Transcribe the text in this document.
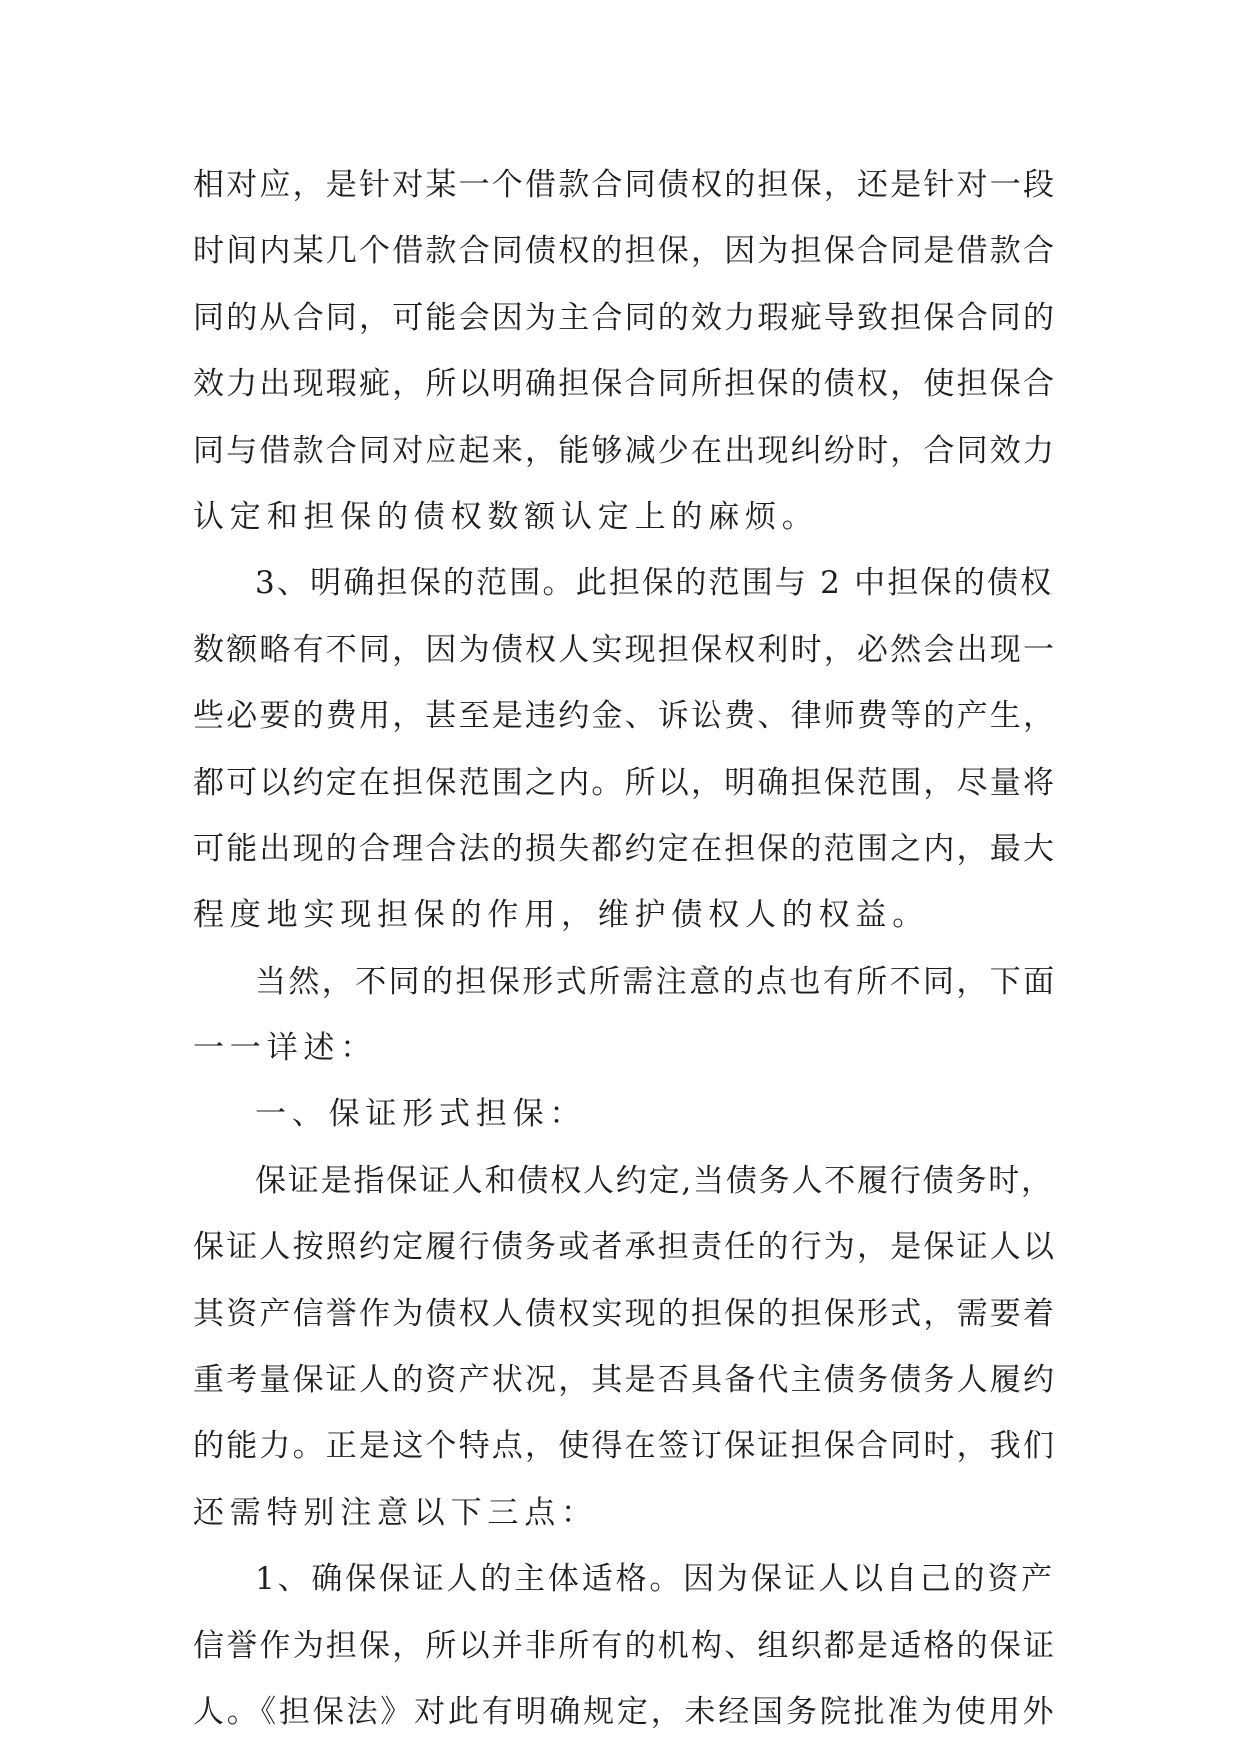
相对应，是针对某一个借款合同债权的担保，还是针对一段
时间内某几个借款合同债权的担保，因为担保合同是借款合
同的从合同，可能会因为主合同的效力瑕疵导致担保合同的
效力出现瑕疵，所以明确担保合同所担保的债权，使担保合
同与借款合同对应起来，能够减少在出现纠纷时，合同效力
认定和担保的债权数额认定上的麻烦。
3、明确担保的范围。此担保的范围与 2 中担保的债权
数额略有不同，因为债权人实现担保权利时，必然会出现一
些必要的费用，甚至是违约金、诉讼费、律师费等的产生，
都可以约定在担保范围之内。所以，明确担保范围，尽量将
可能出现的合理合法的损失都约定在担保的范围之内，最大
程度地实现担保的作用，维护债权人的权益。
当然，不同的担保形式所需注意的点也有所不同，下面
一一详述：
一、保证形式担保：
保证是指保证人和债权人约定,当债务人不履行债务时，
保证人按照约定履行债务或者承担责任的行为，是保证人以
其资产信誉作为债权人债权实现的担保的担保形式，需要着
重考量保证人的资产状况，其是否具备代主债务债务人履约
的能力。正是这个特点，使得在签订保证担保合同时，我们
还需特别注意以下三点：
1、确保保证人的主体适格。因为保证人以自己的资产
信誉作为担保，所以并非所有的机构、组织都是适格的保证
人。《担保法》对此有明确规定，未经国务院批准为使用外
